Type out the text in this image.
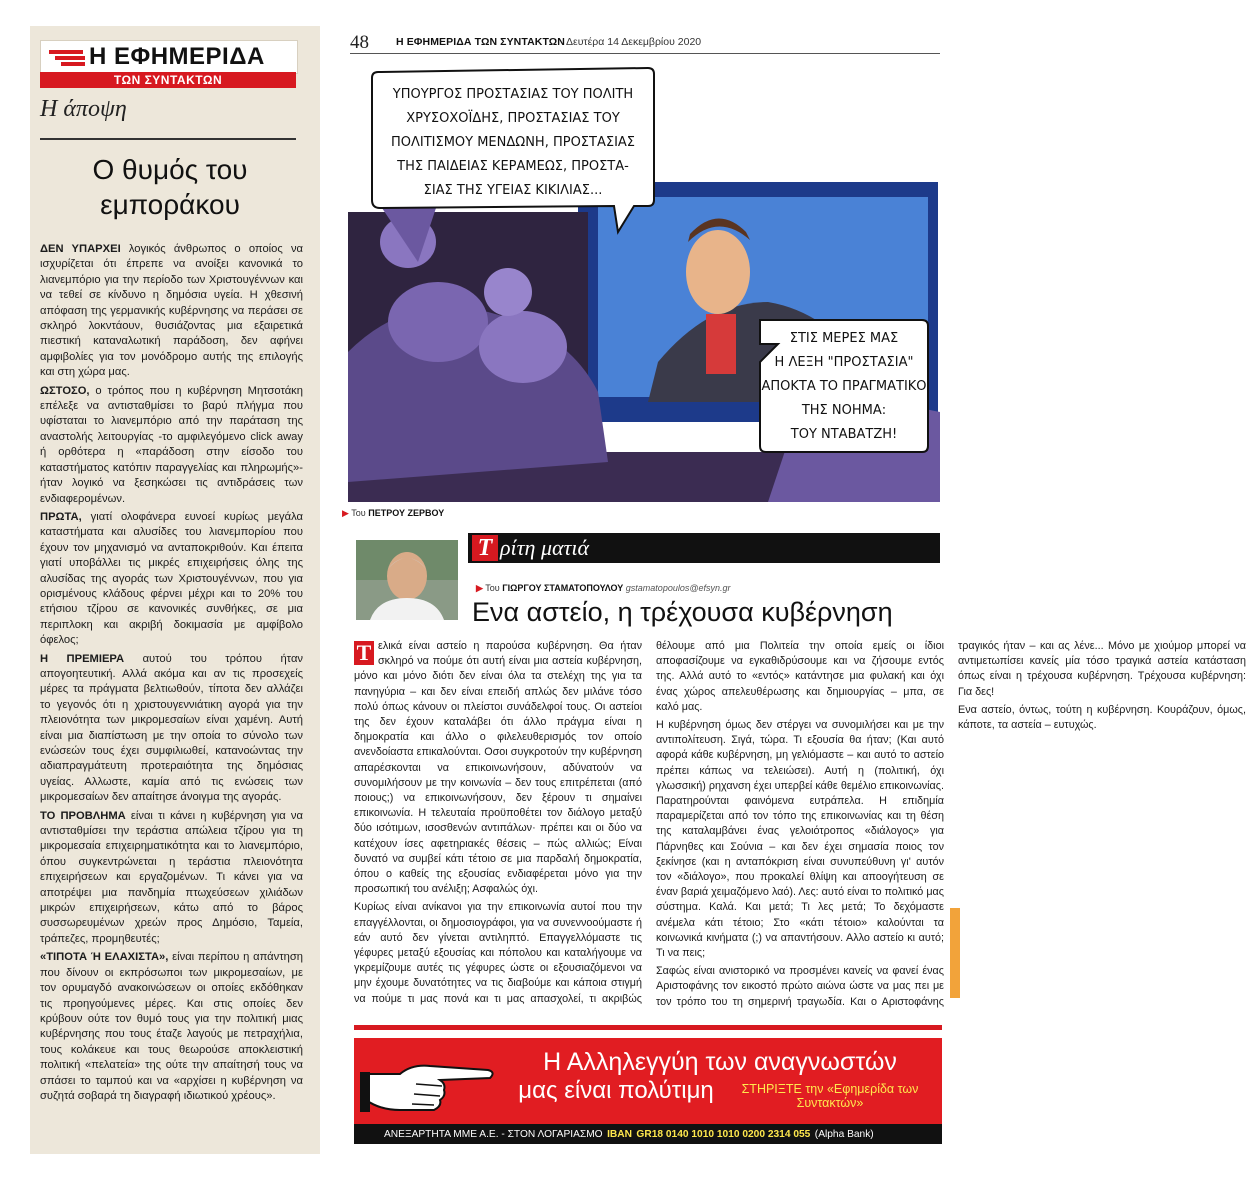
Η ΕΦΗΜΕΡΙΔΑ
ΤΩΝ ΣΥΝΤΑΚΤΩΝ
Η άποψη
Ο θυμός του
εμποράκου

ΔΕΝ ΥΠΑΡΧΕΙ λογικός άνθρωπος ο οποίος να ισχυρίζεται ότι έπρεπε να ανοίξει κανονικά το λιανεμπόριο για την περίοδο των Χριστουγέννων και να τεθεί σε κίνδυνο η δημόσια υγεία. Η χθεσινή απόφαση της γερμανικής κυβέρνησης να περάσει σε σκληρό λοκντάουν, θυσιάζοντας μια εξαιρετικά πιεστική καταναλωτική παράδοση, δεν αφήνει αμφιβολίες για τον μονόδρομο αυτής της επιλογής και στη χώρα μας.

ΩΣΤΟΣΟ, ο τρόπος που η κυβέρνηση Μητσοτάκη επέλεξε να αντισταθμίσει το βαρύ πλήγμα που υφίσταται το λιανεμπόριο από την παράταση της αναστολής λειτουργίας -το αμφιλεγόμενο click away ή ορθότερα η «παράδοση στην είσοδο του καταστήματος κατόπιν παραγγελίας και πληρωμής»- ήταν λογικό να ξεσηκώσει τις αντιδράσεις των ενδιαφερομένων.

ΠΡΩΤΑ, γιατί ολοφάνερα ευνοεί κυρίως μεγάλα καταστήματα και αλυσίδες του λιανεμπορίου που έχουν τον μηχανισμό να ανταποκριθούν. Και έπειτα γιατί υποβάλλει τις μικρές επιχειρήσεις όλης της αλυσίδας της αγοράς των Χριστουγέννων, που για ορισμένους κλάδους φέρνει μέχρι και το 20% του ετήσιου τζίρου σε κανονικές συνθήκες, σε μια περιπλοκη και ακριβή δοκιμασία με αμφίβολο όφελος;

Η ΠΡΕΜΙΕΡΑ αυτού του τρόπου ήταν απογοητευτική. Αλλά ακόμα και αν τις προσεχείς μέρες τα πράγματα βελτιωθούν, τίποτα δεν αλλάζει το γεγονός ότι η χριστουγεννιάτικη αγορά για την πλειονότητα των μικρομεσαίων είναι χαμένη. Αυτή είναι μια διαπίστωση με την οποία το σύνολο των ενώσεών τους έχει συμφιλιωθεί, κατανοώντας την αδιαπραγμάτευτη προτεραιότητα της δημόσιας υγείας. Αλλωστε, καμία από τις ενώσεις των μικρομεσαίων δεν απαίτησε άνοιγμα της αγοράς.

ΤΟ ΠΡΟΒΛΗΜΑ είναι τι κάνει η κυβέρνηση για να αντισταθμίσει την τεράστια απώλεια τζίρου για τη μικρομεσαία επιχειρηματικότητα και το λιανεμπόριο, όπου συγκεντρώνεται η τεράστια πλειονότητα επιχειρήσεων και εργαζομένων. Τι κάνει για να αποτρέψει μια πανδημία πτωχεύσεων χιλιάδων μικρών επιχειρήσεων, κάτω από το βάρος συσσωρευμένων χρεών προς Δημόσιο, Ταμεία, τράπεζες, προμηθευτές;

«ΤΙΠΟΤΑ Ή ΕΛΑΧΙΣΤΑ», είναι περίπου η απάντηση που δίνουν οι εκπρόσωποι των μικρομεσαίων, με τον ορυμαγδό ανακοινώσεων οι οποίες εκδόθηκαν τις προηγούμενες μέρες. Και στις οποίες δεν κρύβουν ούτε τον θυμό τους για την πολιτική μιας κυβέρνησης που τους έταζε λαγούς με πετραχήλια, τους κολάκευε και τους θεωρούσε αποκλειστική πολιτική «πελατεία» της ούτε την απαίτησή τους να σπάσει το ταμπού και να «αρχίσει η κυβέρνηση να συζητά σοβαρά τη διαγραφή ιδιωτικού χρέους».

48	Η ΕΦΗΜΕΡΙΔΑ ΤΩΝ ΣΥΝΤΑΚΤΩΝ Δευτέρα 14 Δεκεμβρίου 2020
ΥΠΟΥΡΓΟΣ ΠΡΟΣΤΑΣΙΑΣ ΤΟΥ ΠΟΛΙΤΗ
ΧΡΥΣΟΧΟΪΔΗΣ, ΠΡΟΣΤΑΣΙΑΣ ΤΟΥ
ΠΟΛΙΤΙΣΜΟΥ ΜΕΝΔΩΝΗ, ΠΡΟΣΤΑΣΙΑΣ
ΤΗΣ ΠΑΙΔΕΙΑΣ ΚΕΡΑΜΕΩΣ, ΠΡΟΣΤΑ-
ΣΙΑΣ ΤΗΣ ΥΓΕΙΑΣ ΚΙΚΙΛΙΑΣ...
ΣΤΙΣ ΜΕΡΕΣ ΜΑΣ
Η ΛΕΞΗ "ΠΡΟΣΤΑΣΙΑ"
ΑΠΟΚΤΑ ΤΟ ΠΡΑΓΜΑΤΙΚΟ
ΤΗΣ ΝΟΗΜΑ:
ΤΟΥ ΝΤΑΒΑΤΖΗ!
▶ Του ΠΕΤΡΟΥ ΖΕΡΒΟΥ
Τ ρίτη ματιά
▶ Του ΓΙΩΡΓΟΥ ΣΤΑΜΑΤΟΠΟΥΛΟΥ gstamatopoulos@efsyn.gr
Ενα αστείο, η τρέχουσα κυβέρνηση

Τ ελικά είναι αστείο η παρούσα κυβέρνηση. Θα ήταν σκληρό να πούμε ότι αυτή είναι μια αστεία κυβέρνηση, μόνο και μόνο διότι δεν είναι όλα τα στελέχη της για τα πανηγύρια – και δεν είναι επειδή απλώς δεν μιλάνε τόσο πολύ όπως κάνουν οι πλείστοι συνάδελφοί τους. Οι αστείοι της δεν έχουν καταλάβει ότι άλλο πράγμα είναι η δημοκρατία και άλλο ο φιλελευθερισμός τον οποίο ανενδοίαστα επικαλούνται. Οσοι συγκροτούν την κυβέρνηση απαρέσκονται να επικοινωνήσουν, αδύνατούν να συνομιλήσουν με την κοινωνία – δεν τους επιτρέπεται (από ποιους;) να επικοινωνήσουν, δεν ξέρουν τι σημαίνει επικοινωνία. Η τελευταία προϋποθέτει τον διάλογο μεταξύ δύο ισότιμων, ισοσθενών αντιπάλων· πρέπει και οι δύο να κατέχουν ίσες αφετηριακές θέσεις – πώς αλλιώς; Είναι δυνατό να συμβεί κάτι τέτοιο σε μια παρδαλή δημοκρατία, όπου ο καθείς της εξουσίας ενδιαφέρεται μόνο για την προσωπική του ανέλιξη; Ασφαλώς όχι.

Κυρίως είναι ανίκανοι για την επικοινωνία αυτοί που την επαγγέλλονται, οι δημοσιογράφοι, για να συνεννοούμαστε ή εάν αυτό δεν γίνεται αντιληπτό. Επαγγελλόμαστε τις γέφυρες μεταξύ εξουσίας και πόπολου και καταλήγουμε να γκρεμίζουμε αυτές τις γέφυρες ώστε οι εξουσιαζόμενοι να μην έχουμε δυνατότητες να τις διαβούμε και κάποια στιγμή να πούμε τι μας πονά και τι μας απασχολεί, τι ακριβώς θέλουμε από μια Πολιτεία την οποία εμείς οι ίδιοι αποφασίζουμε να εγκαθιδρύσουμε και να ζήσουμε εντός της. Αλλά αυτό το «εντός» κατάντησε μια φυλακή και όχι ένας χώρος απελευθέρωσης και δημιουργίας – μπα, σε καλό μας.

Η κυβέρνηση όμως δεν στέργει να συνομιλήσει και με την αντιπολίτευση. Σιγά, τώρα. Τι εξουσία θα ήταν; (Και αυτό αφορά κάθε κυβέρνηση, μη γελιόμαστε – και αυτό το αστείο πρέπει κάπως να τελειώσει). Αυτή η (πολιτική, όχι γλωσσική) ρηχανση έχει υπερβεί κάθε θεμέλιο επικοινωνίας. Παρατηρούνται φαινόμενα ευτράπελα. Η επιδημία παραμερίζεται από τον τόπο της επικοινωνίας και τη θέση της καταλαμβάνει ένας γελοιότροπος «διάλογος» για Πάρνηθες και Σούνια – και δεν έχει σημασία ποιος τον ξεκίνησε (και η ανταπόκριση είναι συνυπεύθυνη γι' αυτόν τον «διάλογο», που προκαλεί θλίψη και αποογήτευση σε έναν βαριά χειμαζόμενο λαό). Λες: αυτό είναι το πολιτικό μας σύστημα. Καλά. Και μετά; Τι λες μετά; Το δεχόμαστε ανέμελα κάτι τέτοιο; Στο «κάτι τέτοιο» καλούνται τα κοινωνικά κινήματα (;) να απαντήσουν. Αλλο αστείο κι αυτό; Τι να πεις;

Σαφώς είναι ανιστορικό να προσμένει κανείς να φανεί ένας Αριστοφάνης τον εικοστό πρώτο αιώνα ώστε να μας πει με τον τρόπο του τη σημερινή τραγωδία. Και ο Αριστοφάνης τραγικός ήταν – και ας λένε... Μόνο με χιούμορ μπορεί να αντιμετωπίσει κανείς μία τόσο τραγικά αστεία κατάσταση όπως είναι η τρέχουσα κυβέρνηση. Τρέχουσα κυβέρνηση: Για δες!

Ενα αστείο, όντως, τούτη η κυβέρνηση. Κουράζουν, όμως, κάποτε, τα αστεία – ευτυχώς.

Η Αλληλεγγύη των αναγνωστών
μας είναι πολύτιμη	ΣΤΗΡΙΞΤΕ την «Εφημερίδα των Συντακτών»
ΑΝΕΞΑΡΤΗΤΑ ΜΜΕ Α.Ε. - ΣΤΟΝ ΛΟΓΑΡΙΑΣΜΟ IBAN GR18 0140 1010 1010 0200 2314 055 (Alpha Bank)
